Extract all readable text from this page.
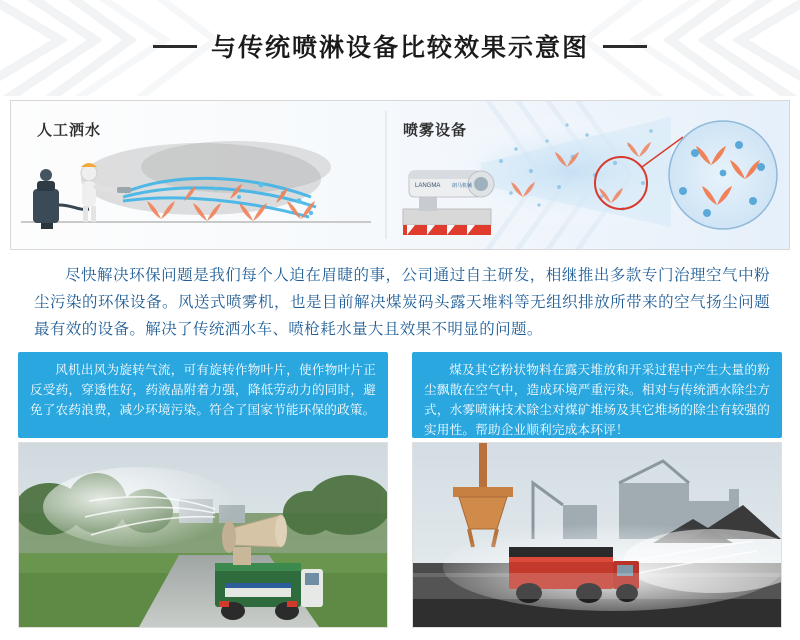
与传统喷淋设备比较效果示意图
LANGMA 朗马机械
人工洒水	喷雾设备
尽快解决环保问题是我们每个人迫在眉睫的事，公司通过自主研发，相继推出多款专门治理空气中粉尘污染的环保设备。风送式喷雾机，也是目前解决煤炭码头露天堆料等无组织排放所带来的空气扬尘问题最有效的设备。解决了传统洒水车、喷枪耗水量大且效果不明显的问题。
风机出风为旋转气流，可有旋转作物叶片，使作物叶片正反受药，穿透性好，药液晶附着力强，降低劳动力的同时，避免了农药浪费，减少环境污染。符合了国家节能环保的政策。
煤及其它粉状物料在露天堆放和开采过程中产生大量的粉尘飘散在空气中，造成环境严重污染。相对与传统洒水除尘方式，水雾喷淋技术除尘对煤矿堆场及其它堆场的除尘有较强的实用性。帮助企业顺利完成本环评！
